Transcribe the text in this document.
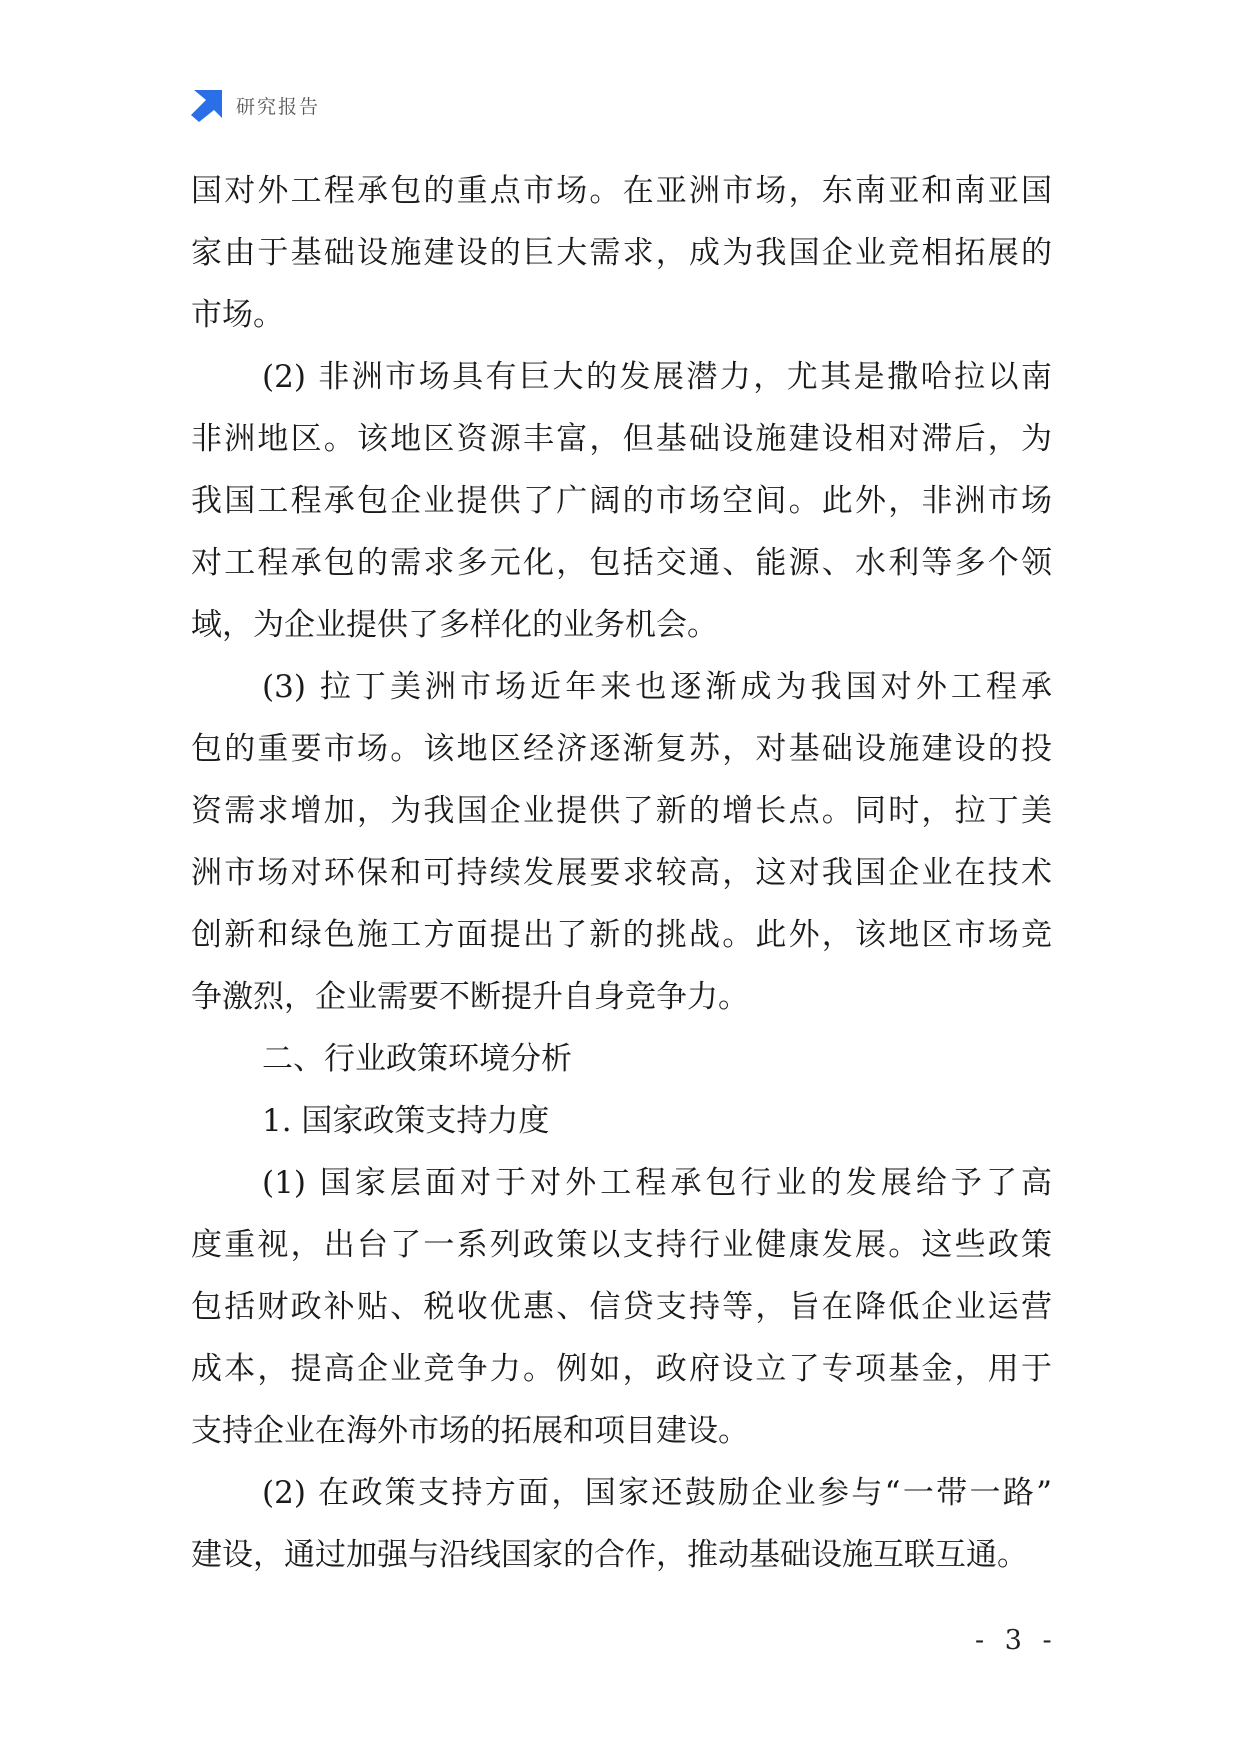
研究报告
国对外工程承包的重点市场。在亚洲市场，东南亚和南亚国
家由于基础设施建设的巨大需求，成为我国企业竞相拓展的
市场。
(2) 非洲市场具有巨大的发展潜力，尤其是撒哈拉以南
非洲地区。该地区资源丰富，但基础设施建设相对滞后，为
我国工程承包企业提供了广阔的市场空间。此外，非洲市场
对工程承包的需求多元化，包括交通、能源、水利等多个领
域，为企业提供了多样化的业务机会。
(3) 拉丁美洲市场近年来也逐渐成为我国对外工程承
包的重要市场。该地区经济逐渐复苏，对基础设施建设的投
资需求增加，为我国企业提供了新的增长点。同时，拉丁美
洲市场对环保和可持续发展要求较高，这对我国企业在技术
创新和绿色施工方面提出了新的挑战。此外，该地区市场竞
争激烈，企业需要不断提升自身竞争力。
二、行业政策环境分析
1. 国家政策支持力度
(1) 国家层面对于对外工程承包行业的发展给予了高
度重视，出台了一系列政策以支持行业健康发展。这些政策
包括财政补贴、税收优惠、信贷支持等，旨在降低企业运营
成本，提高企业竞争力。例如，政府设立了专项基金，用于
支持企业在海外市场的拓展和项目建设。
(2) 在政策支持方面，国家还鼓励企业参与“一带一路”
建设，通过加强与沿线国家的合作，推动基础设施互联互通。
- 3 -
